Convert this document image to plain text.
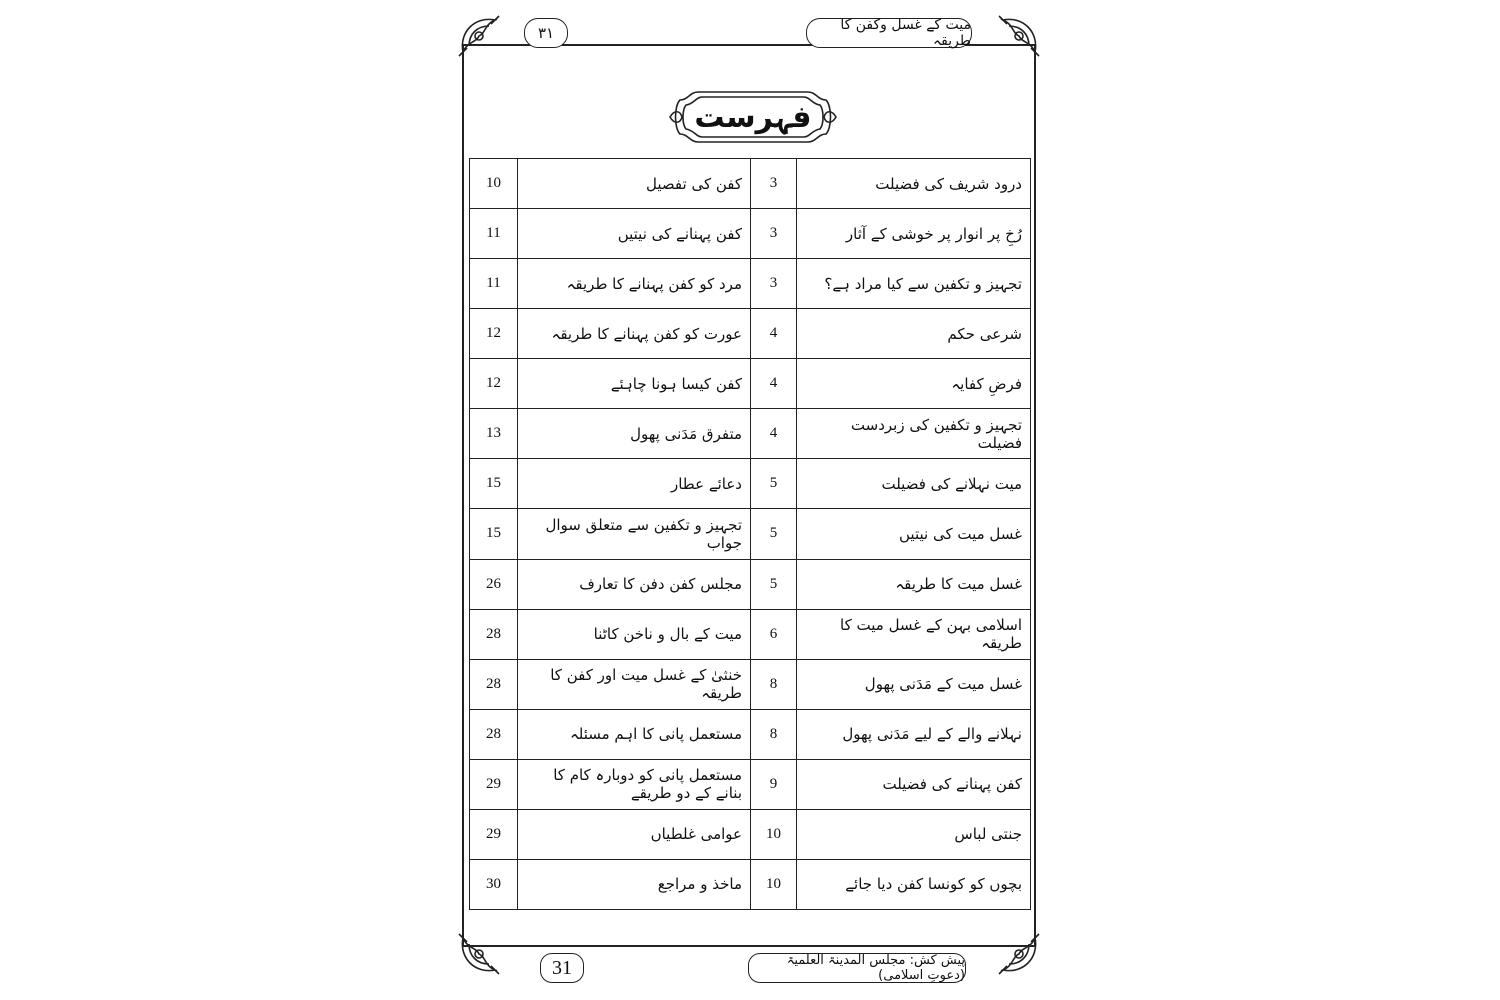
۳۱	میت کے غسل وکفن کا طریقہ
فہرست
10	کفن کی تفصیل	3	درود شریف کی فضیلت
11	کفن پہنانے کی نیتیں	3	رُخِ پر انوار پر خوشی کے آثار
11	مرد کو کفن پہنانے کا طریقہ	3	تجہیز و تکفین سے کیا مراد ہے؟
12	عورت کو کفن پہنانے کا طریقہ	4	شرعی حکم
12	کفن کیسا ہونا چاہئے	4	فرضِ کفایہ
13	متفرق مَدَنی پھول	4	تجہیز و تکفین کی زبردست فضیلت
15	دعائے عطار	5	میت نہلانے کی فضیلت
15	تجہیز و تکفین سے متعلق سوال جواب	5	غسل میت کی نیتیں
26	مجلس کفن دفن کا تعارف	5	غسل میت کا طریقہ
28	میت کے بال و ناخن کاٹنا	6	اسلامی بہن کے غسل میت کا طریقہ
28	خنثیٰ کے غسل میت اور کفن کا طریقہ	8	غسل میت کے مَدَنی پھول
28	مستعمل پانی کا اہم مسئلہ	8	نہلانے والے کے لیے مَدَنی پھول
29	مستعمل پانی کو دوبارہ کام کا بنانے کے دو طریقے	9	کفن پہنانے کی فضیلت
29	عوامی غلطیاں	10	جنتی لباس
30	ماخذ و مراجع	10	بچوں کو کونسا کفن دیا جائے
31	پیش کش: مجلس المدینۃ العلمیۃ (دعوتِ اسلامی)
